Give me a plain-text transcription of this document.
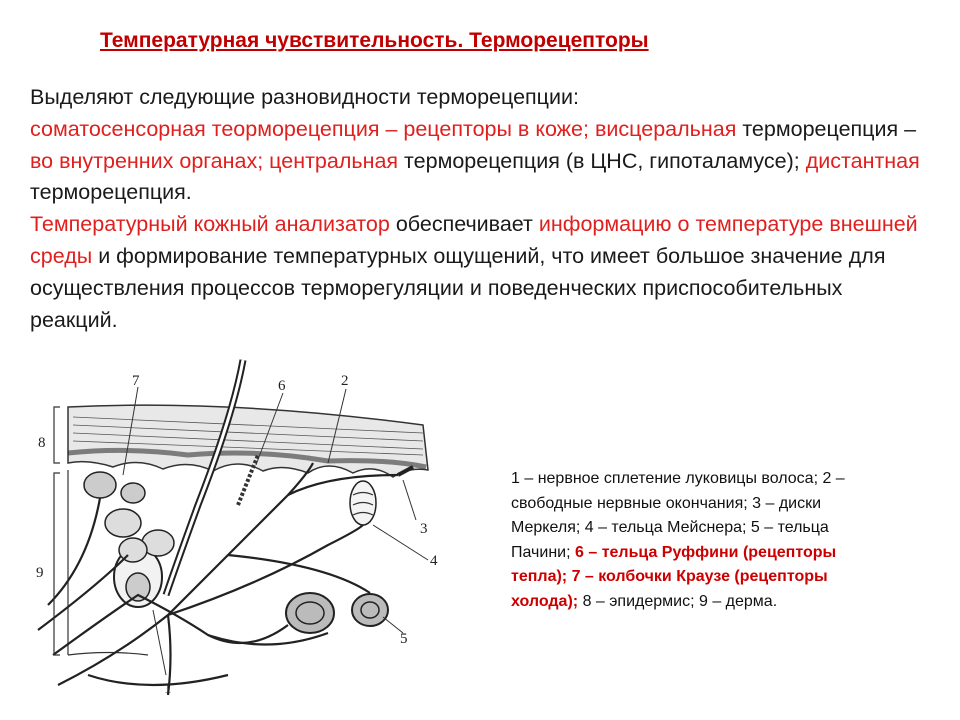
Температурная чувствительность. Терморецепторы
Выделяют следующие разновидности терморецепции:
соматосенсорная теорморецепция – рецепторы в коже; висцеральная терморецепция – во внутренних органах; центральная терморецепция (в ЦНС, гипоталамусе); дистантная терморецепция.
Температурный кожный анализатор обеспечивает информацию о температуре внешней среды и формирование температурных ощущений, что имеет большое значение для осуществления процессов терморегуляции и поведенческих приспособительных реакций.
1
2
3
4
5
6
7
8
9
1 – нервное сплетение луковицы волоса; 2 – свободные нервные окончания; 3 – диски Меркеля; 4 – тельца Мейснера; 5 – тельца Пачини; 6 – тельца Руффини (рецепторы тепла); 7 – колбочки Краузе (рецепторы холода); 8 – эпидермис; 9 – дерма.
